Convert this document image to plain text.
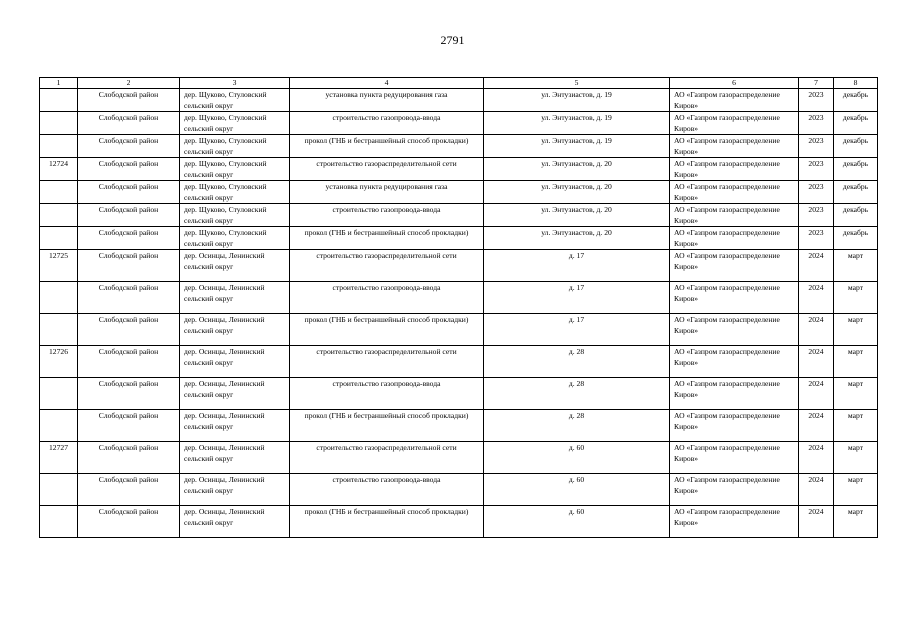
2791
1	2	3	4	5	6	7	8
	Слободской район	дер. Щуково, Стуловский сельский округ	установка пункта редуцирования газа	ул. Энтузиастов, д. 19	АО «Газпром газораспределение Киров»	2023	декабрь
	Слободской район	дер. Щуково, Стуловский сельский округ	строительство газопровода-ввода	ул. Энтузиастов, д. 19	АО «Газпром газораспределение Киров»	2023	декабрь
	Слободской район	дер. Щуково, Стуловский сельский округ	прокол (ГНБ и бестраншейный способ прокладки)	ул. Энтузиастов, д. 19	АО «Газпром газораспределение Киров»	2023	декабрь
12724	Слободской район	дер. Щуково, Стуловский сельский округ	строительство газораспределительной сети	ул. Энтузиастов, д. 20	АО «Газпром газораспределение Киров»	2023	декабрь
	Слободской район	дер. Щуково, Стуловский сельский округ	установка пункта редуцирования газа	ул. Энтузиастов, д. 20	АО «Газпром газораспределение Киров»	2023	декабрь
	Слободской район	дер. Щуково, Стуловский сельский округ	строительство газопровода-ввода	ул. Энтузиастов, д. 20	АО «Газпром газораспределение Киров»	2023	декабрь
	Слободской район	дер. Щуково, Стуловский сельский округ	прокол (ГНБ и бестраншейный способ прокладки)	ул. Энтузиастов, д. 20	АО «Газпром газораспределение Киров»	2023	декабрь
12725	Слободской район	дер. Осинцы, Ленинский сельский округ	строительство газораспределительной сети	д. 17	АО «Газпром газораспределение Киров»	2024	март
	Слободской район	дер. Осинцы, Ленинский сельский округ	строительство газопровода-ввода	д. 17	АО «Газпром газораспределение Киров»	2024	март
	Слободской район	дер. Осинцы, Ленинский сельский округ	прокол (ГНБ и бестраншейный способ прокладки)	д. 17	АО «Газпром газораспределение Киров»	2024	март
12726	Слободской район	дер. Осинцы, Ленинский сельский округ	строительство газораспределительной сети	д. 28	АО «Газпром газораспределение Киров»	2024	март
	Слободской район	дер. Осинцы, Ленинский сельский округ	строительство газопровода-ввода	д. 28	АО «Газпром газораспределение Киров»	2024	март
	Слободской район	дер. Осинцы, Ленинский сельский округ	прокол (ГНБ и бестраншейный способ прокладки)	д. 28	АО «Газпром газораспределение Киров»	2024	март
12727	Слободской район	дер. Осинцы, Ленинский сельский округ	строительство газораспределительной сети	д. 60	АО «Газпром газораспределение Киров»	2024	март
	Слободской район	дер. Осинцы, Ленинский сельский округ	строительство газопровода-ввода	д. 60	АО «Газпром газораспределение Киров»	2024	март
	Слободской район	дер. Осинцы, Ленинский сельский округ	прокол (ГНБ и бестраншейный способ прокладки)	д. 60	АО «Газпром газораспределение Киров»	2024	март
